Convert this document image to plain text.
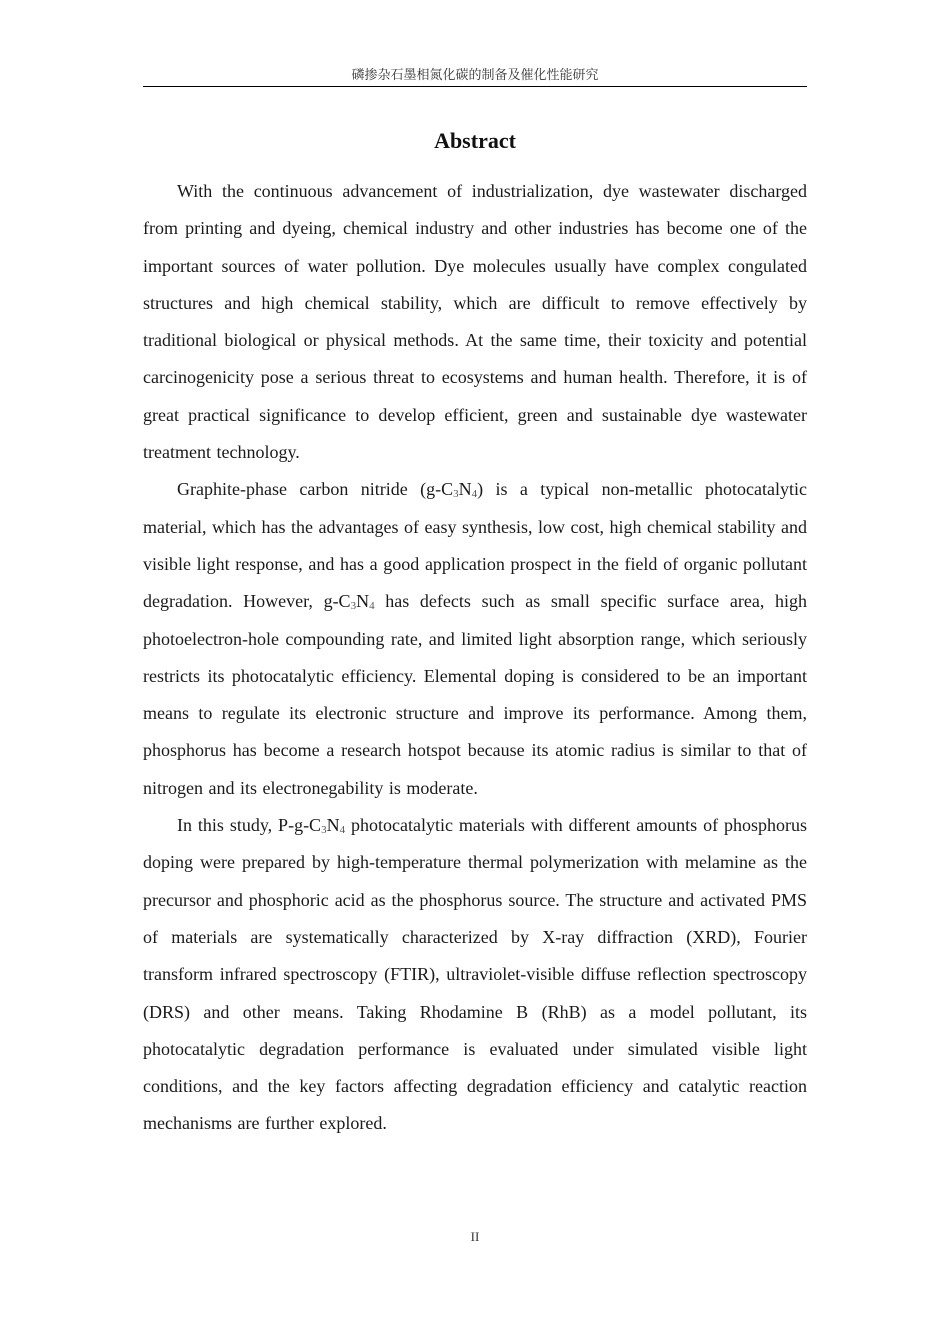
磷掺杂石墨相氮化碳的制备及催化性能研究
Abstract

With the continuous advancement of industrialization, dye wastewater discharged from printing and dyeing, chemical industry and other industries has become one of the important sources of water pollution. Dye molecules usually have complex congulated structures and high chemical stability, which are difficult to remove effectively by traditional biological or physical methods. At the same time, their toxicity and potential carcinogenicity pose a serious threat to ecosystems and human health. Therefore, it is of great practical significance to develop efficient, green and sustainable dye wastewater treatment technology.

Graphite-phase carbon nitride (g-C3N4) is a typical non-metallic photocatalytic material, which has the advantages of easy synthesis, low cost, high chemical stability and visible light response, and has a good application prospect in the field of organic pollutant degradation. However, g-C3N4 has defects such as small specific surface area, high photoelectron-hole compounding rate, and limited light absorption range, which seriously restricts its photocatalytic efficiency. Elemental doping is considered to be an important means to regulate its electronic structure and improve its performance. Among them, phosphorus has become a research hotspot because its atomic radius is similar to that of nitrogen and its electronegability is moderate.

In this study, P-g-C3N4 photocatalytic materials with different amounts of phosphorus doping were prepared by high-temperature thermal polymerization with melamine as the precursor and phosphoric acid as the phosphorus source. The structure and activated PMS of materials are systematically characterized by X-ray diffraction (XRD), Fourier transform infrared spectroscopy (FTIR), ultraviolet-visible diffuse reflection spectroscopy (DRS) and other means. Taking Rhodamine B (RhB) as a model pollutant, its photocatalytic degradation performance is evaluated under simulated visible light conditions, and the key factors affecting degradation efficiency and catalytic reaction mechanisms are further explored.

II
